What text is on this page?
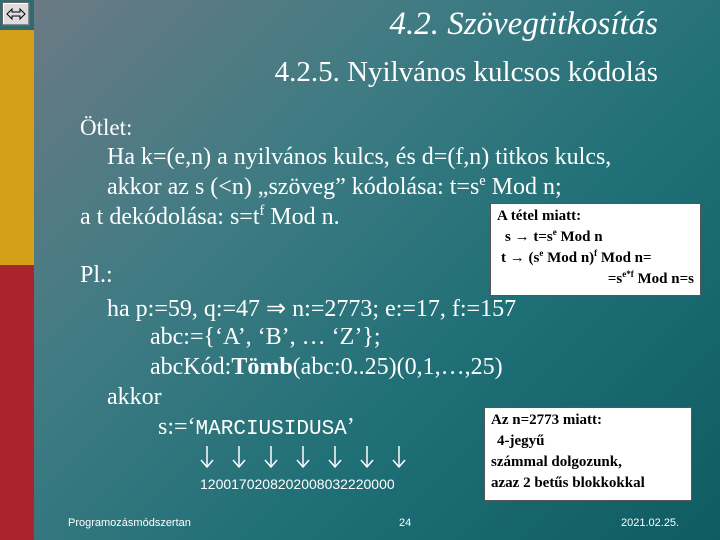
4.2. Szövegtitkosítás
4.2.5. Nyilvános kulcsos kódolás
Ötlet:
Ha k=(e,n) a nyilvános kulcs, és d=(f,n) titkos kulcs,
akkor az s (<n) „szöveg” kódolása: $t=s^e$ Mod n;
a t dekódolása: $s=t^f$ Mod n.	A tétel miatt:
$s \to t=s^e$ Mod n
$t \to (s^e$ Mod n)$^f$ Mod n=
$=s^{e*f}$ Mod n=s
Pl.:
ha p:=59, q:=47 ⇒ n:=2773; e:=17, f:=157
abc:={‘A’, ‘B’, … ‘Z’};
abcKód:Tömb(abc:0..25)(0,1,…,25)
akkor
s:=‘MARCIUSIDUSA’
1200170208202008032220000
Az n=2773 miatt:
4-jegyű
számmal dolgozunk,
azaz 2 betűs blokkokkal
Programozásmódszertan	24	2021.02.25.
